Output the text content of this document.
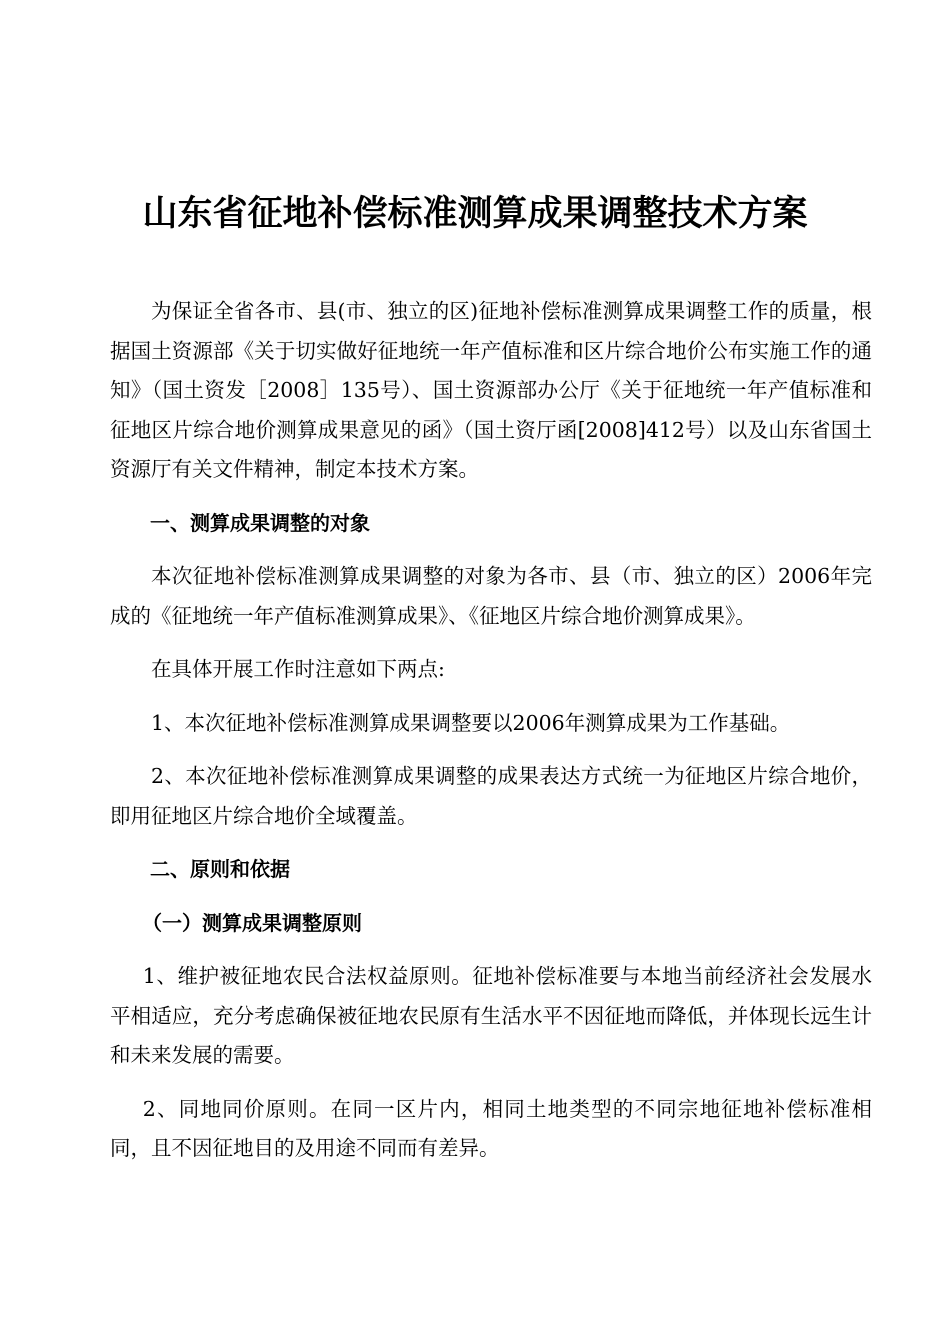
山东省征地补偿标准测算成果调整技术方案

为保证全省各市、县(市、独立的区)征地补偿标准测算成果调整工作的质量，根据国土资源部《关于切实做好征地统一年产值标准和区片综合地价公布实施工作的通知》（国土资发［2008］135号）、国土资源部办公厅《关于征地统一年产值标准和征地区片综合地价测算成果意见的函》（国土资厅函[2008]412号）以及山东省国土资源厅有关文件精神，制定本技术方案。

一、测算成果调整的对象

本次征地补偿标准测算成果调整的对象为各市、县（市、独立的区）2006年完成的《征地统一年产值标准测算成果》、《征地区片综合地价测算成果》。

在具体开展工作时注意如下两点:

1、本次征地补偿标准测算成果调整要以2006年测算成果为工作基础。

2、本次征地补偿标准测算成果调整的成果表达方式统一为征地区片综合地价，即用征地区片综合地价全域覆盖。

二、原则和依据

（一）测算成果调整原则

1、维护被征地农民合法权益原则。征地补偿标准要与本地当前经济社会发展水平相适应，充分考虑确保被征地农民原有生活水平不因征地而降低，并体现长远生计和未来发展的需要。

2、同地同价原则。在同一区片内，相同土地类型的不同宗地征地补偿标准相同，且不因征地目的及用途不同而有差异。
